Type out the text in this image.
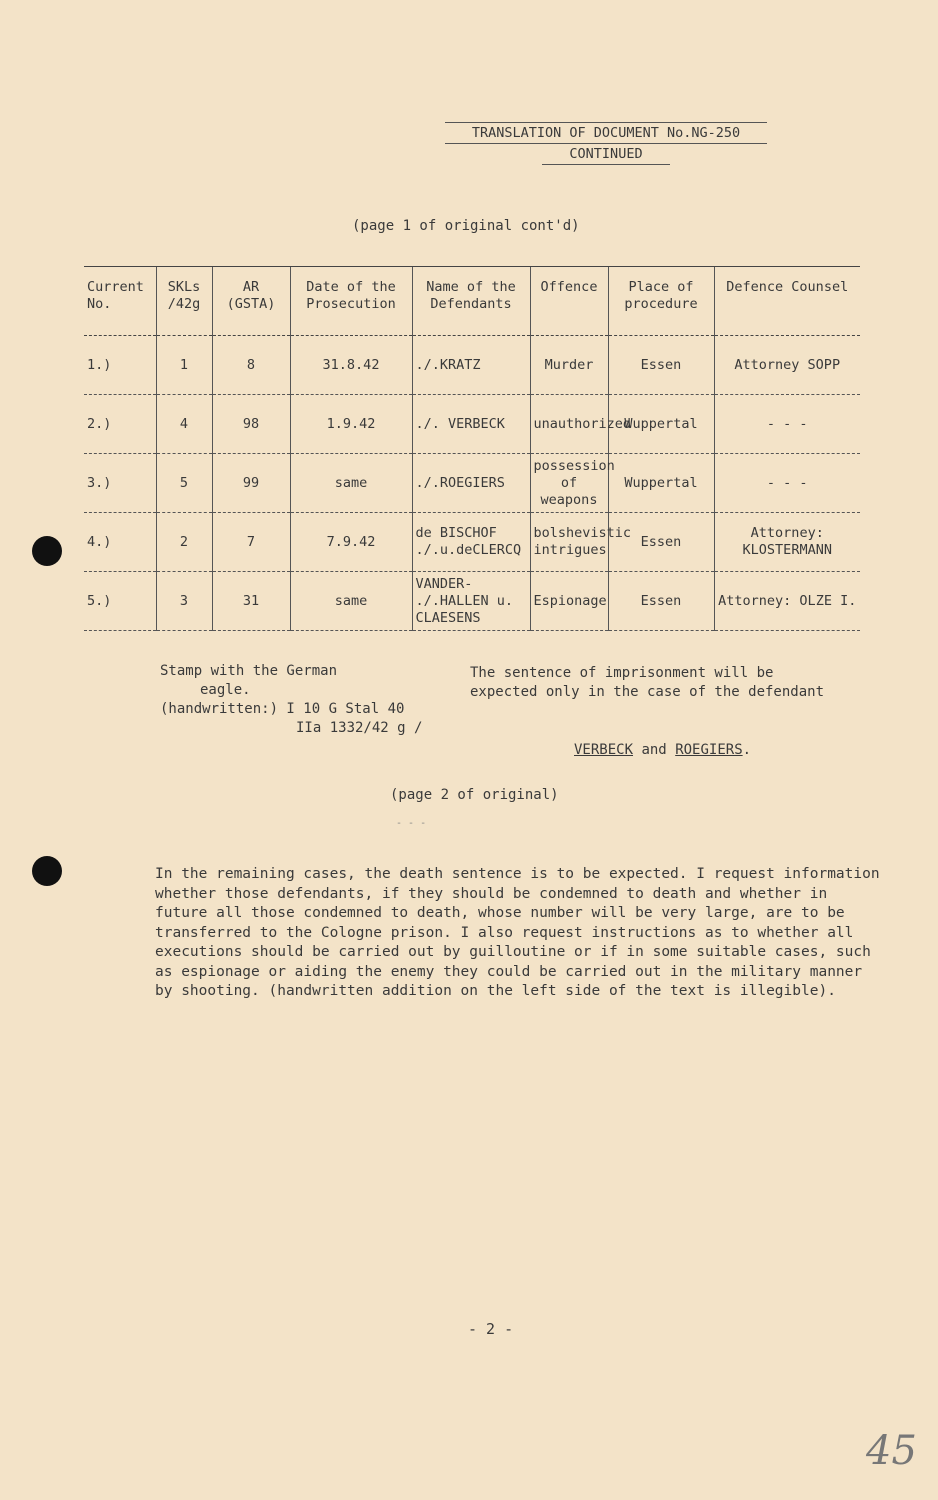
TRANSLATION OF DOCUMENT No.NG-250
CONTINUED
(page 1 of original cont'd)
Current No.	SKLs /42g	AR (GSTA)	Date of the Prosecution	Name of the Defendants	Offence	Place of procedure	Defence Counsel
1.)	1	8	31.8.42	./.KRATZ	Murder	Essen	Attorney SOPP
2.)	4	98	1.9.42	./. VERBECK	unauthorized	Wuppertal	- - -
3.)	5	99	same	./.ROEGIERS	possession of weapons	Wuppertal	- - -
4.)	2	7	7.9.42	de BISCHOF ./.u.deCLERCQ	bolshevistic intrigues	Essen	Attorney: KLOSTERMANN
5.)	3	31	same	VANDER- ./.HALLEN u. CLAESENS	Espionage	Essen	Attorney: OLZE I.
Stamp with the German
eagle.
(handwritten:) I 10 G Stal 40
IIa 1332/42 g /
The sentence of imprisonment will be
expected only in the case of the defendant
VERBECK and ROEGIERS.
(page 2 of original)
- - -

In the remaining cases, the death sentence is to be expected. I request information whether those defendants, if they should be condemned to death and whether in future all those condemned to death, whose number will be very large, are to be transferred to the Cologne prison. I also request instructions as to whether all executions should be carried out by guilloutine or if in some suitable cases, such as espionage or aiding the enemy they could be carried out in the military manner by shooting. (handwritten addition on the left side of the text is illegible).

- 2 -
45
